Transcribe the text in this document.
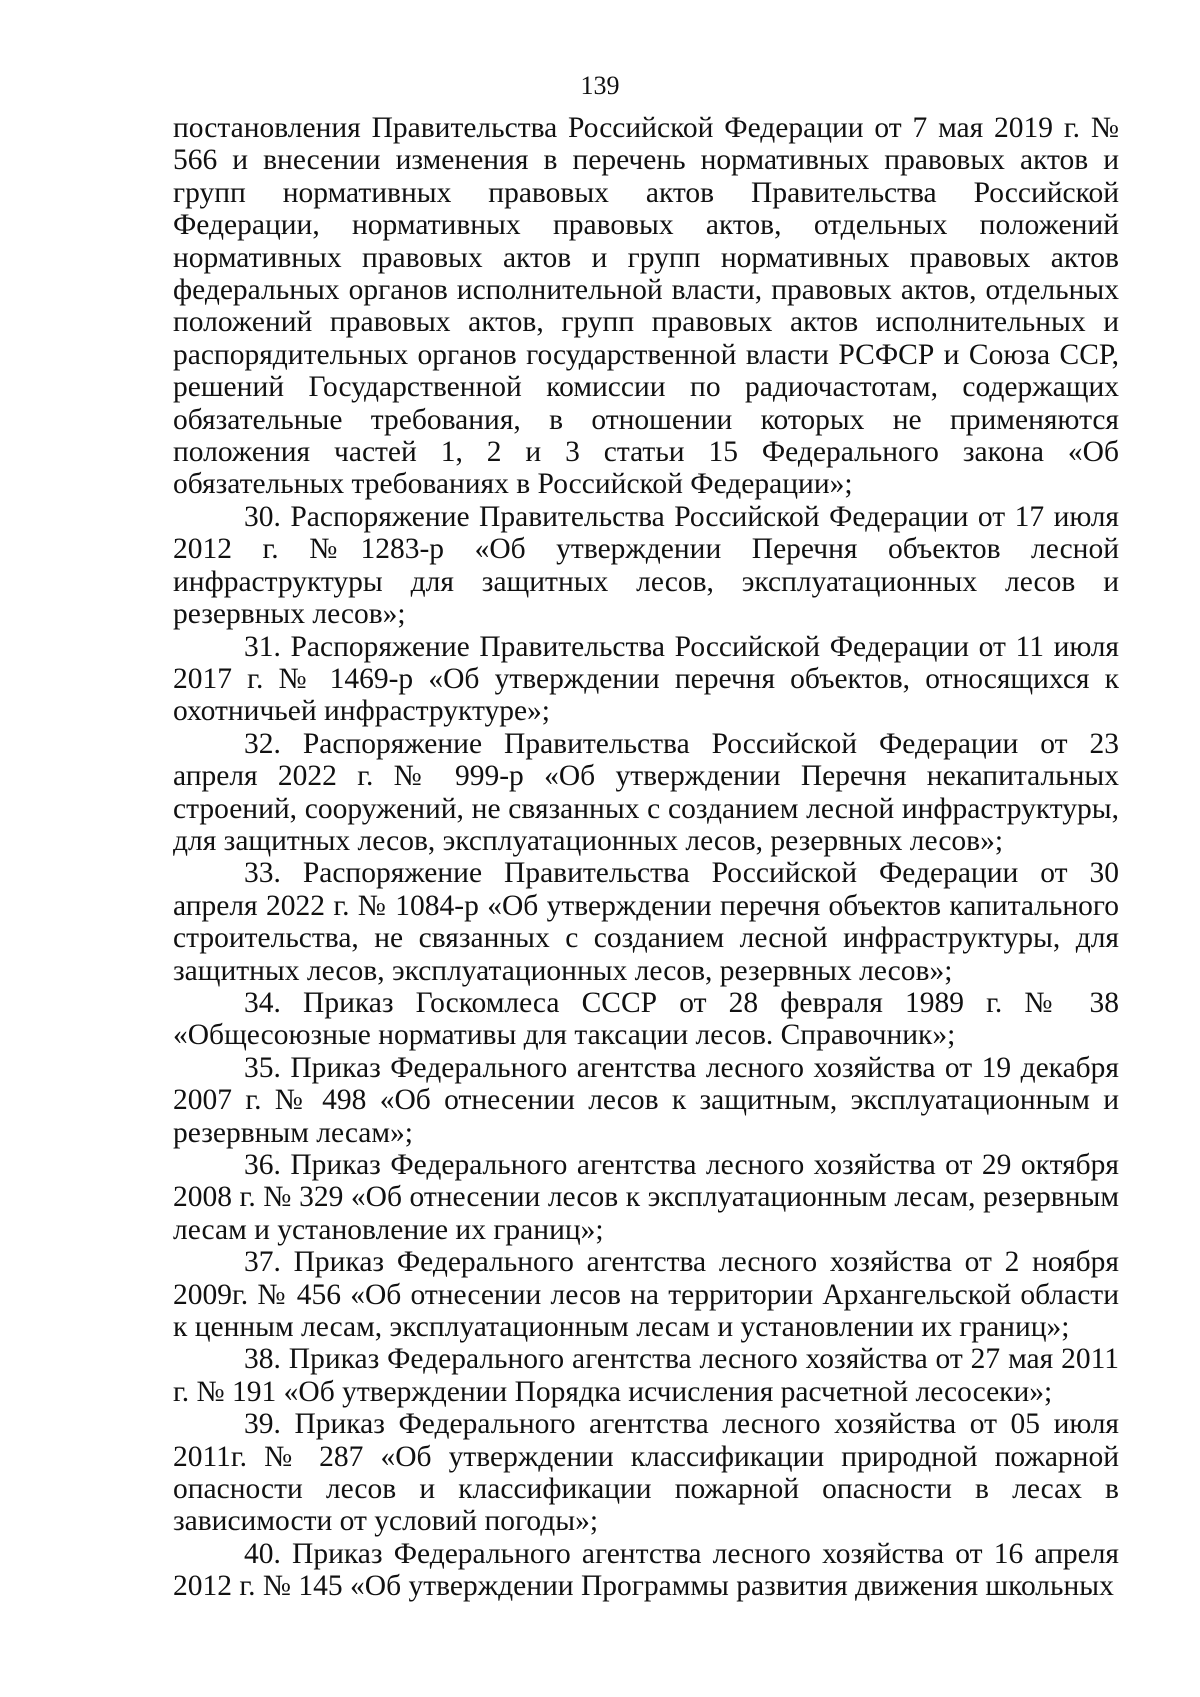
139

постановления Правительства Российской Федерации от 7 мая 2019 г. № 566 и внесении изменения в перечень нормативных правовых актов и групп нормативных правовых актов Правительства Российской Федерации, нормативных правовых актов, отдельных положений нормативных правовых актов и групп нормативных правовых актов федеральных органов исполнительной власти, правовых актов, отдельных положений правовых актов, групп правовых актов исполнительных и распорядительных органов государственной власти РСФСР и Союза ССР, решений Государственной комиссии по радиочастотам, содержащих обязательные требования, в отношении которых не применяются положения частей 1, 2 и 3 статьи 15 Федерального закона «Об обязательных требованиях в Российской Федерации»;

30. Распоряжение Правительства Российской Федерации от 17 июля 2012 г. №1283-р «Об утверждении Перечня объектов лесной инфраструктуры для защитных лесов, эксплуатационных лесов и резервных лесов»;

31. Распоряжение Правительства Российской Федерации от 11 июля 2017 г. № 1469-р «Об утверждении перечня объектов, относящихся к охотничьей инфраструктуре»;

32. Распоряжение Правительства Российской Федерации от 23 апреля 2022 г. № 999-р «Об утверждении Перечня некапитальных строений, сооружений, не связанных с созданием лесной инфраструктуры, для защитных лесов, эксплуатационных лесов, резервных лесов»;

33. Распоряжение Правительства Российской Федерации от 30 апреля 2022 г. № 1084-р «Об утверждении перечня объектов капитального строительства, не связанных с созданием лесной инфраструктуры, для защитных лесов, эксплуатационных лесов, резервных лесов»;

34. Приказ Госкомлеса СССР от 28 февраля 1989 г. № 38 «Общесоюзные нормативы для таксации лесов. Справочник»;

35. Приказ Федерального агентства лесного хозяйства от 19 декабря 2007 г. № 498 «Об отнесении лесов к защитным, эксплуатационным и резервным лесам»;

36. Приказ Федерального агентства лесного хозяйства от 29 октября 2008 г. № 329 «Об отнесении лесов к эксплуатационным лесам, резервным лесам и установление их границ»;

37. Приказ Федерального агентства лесного хозяйства от 2 ноября 2009г. № 456 «Об отнесении лесов на территории Архангельской области к ценным лесам, эксплуатационным лесам и установлении их границ»;

38. Приказ Федерального агентства лесного хозяйства от 27 мая 2011 г. № 191 «Об утверждении Порядка исчисления расчетной лесосеки»;

39. Приказ Федерального агентства лесного хозяйства от 05 июля 2011г. № 287 «Об утверждении классификации природной пожарной опасности лесов и классификации пожарной опасности в лесах в зависимости от условий погоды»;

40. Приказ Федерального агентства лесного хозяйства от 16 апреля 2012 г. № 145 «Об утверждении Программы развития движения школьных
